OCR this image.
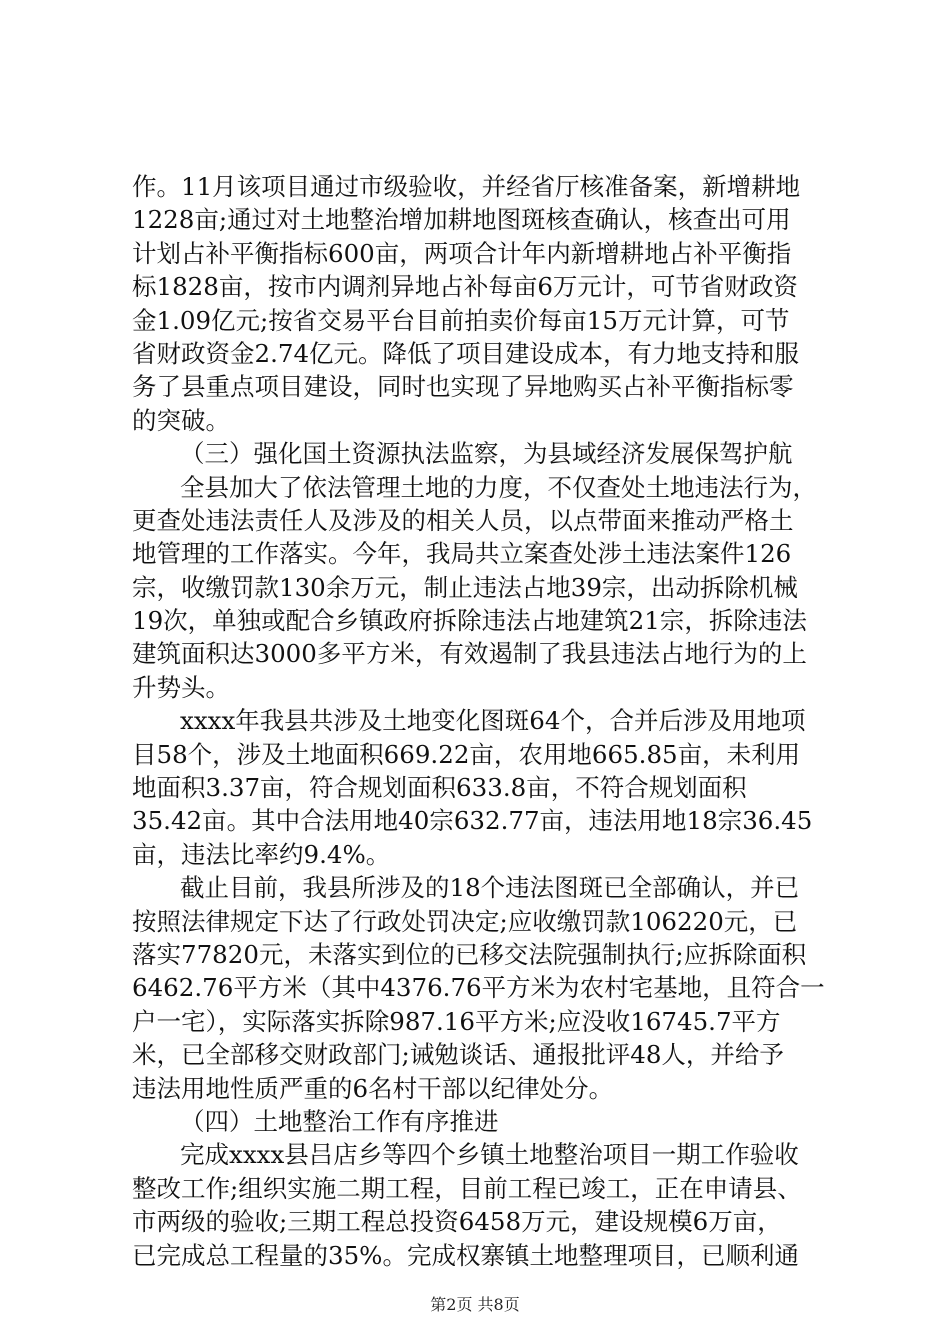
作。11月该项目通过市级验收，并经省厅核准备案，新增耕地
1228亩;通过对土地整治增加耕地图斑核查确认，核查出可用
计划占补平衡指标600亩，两项合计年内新增耕地占补平衡指
标1828亩，按市内调剂异地占补每亩6万元计，可节省财政资
金1.09亿元;按省交易平台目前拍卖价每亩15万元计算，可节
省财政资金2.74亿元。降低了项目建设成本，有力地支持和服
务了县重点项目建设，同时也实现了异地购买占补平衡指标零
的突破。
（三）强化国土资源执法监察，为县域经济发展保驾护航
全县加大了依法管理土地的力度，不仅查处土地违法行为，
更查处违法责任人及涉及的相关人员，以点带面来推动严格土
地管理的工作落实。今年，我局共立案查处涉土违法案件126
宗，收缴罚款130余万元，制止违法占地39宗，出动拆除机械
19次，单独或配合乡镇政府拆除违法占地建筑21宗，拆除违法
建筑面积达3000多平方米，有效遏制了我县违法占地行为的上
升势头。
xxxx年我县共涉及土地变化图斑64个，合并后涉及用地项
目58个，涉及土地面积669.22亩，农用地665.85亩，未利用
地面积3.37亩，符合规划面积633.8亩，不符合规划面积
35.42亩。其中合法用地40宗632.77亩，违法用地18宗36.45
亩，违法比率约9.4%。
截止目前，我县所涉及的18个违法图斑已全部确认，并已
按照法律规定下达了行政处罚决定;应收缴罚款106220元，已
落实77820元，未落实到位的已移交法院强制执行;应拆除面积
6462.76平方米（其中4376.76平方米为农村宅基地，且符合一
户一宅），实际落实拆除987.16平方米;应没收16745.7平方
米，已全部移交财政部门;诫勉谈话、通报批评48人，并给予
违法用地性质严重的6名村干部以纪律处分。
（四）土地整治工作有序推进
完成xxxx县吕店乡等四个乡镇土地整治项目一期工作验收
整改工作;组织实施二期工程，目前工程已竣工，正在申请县、
市两级的验收;三期工程总投资6458万元，建设规模6万亩，
已完成总工程量的35%。完成权寨镇土地整理项目，已顺利通
第2页 共8页
